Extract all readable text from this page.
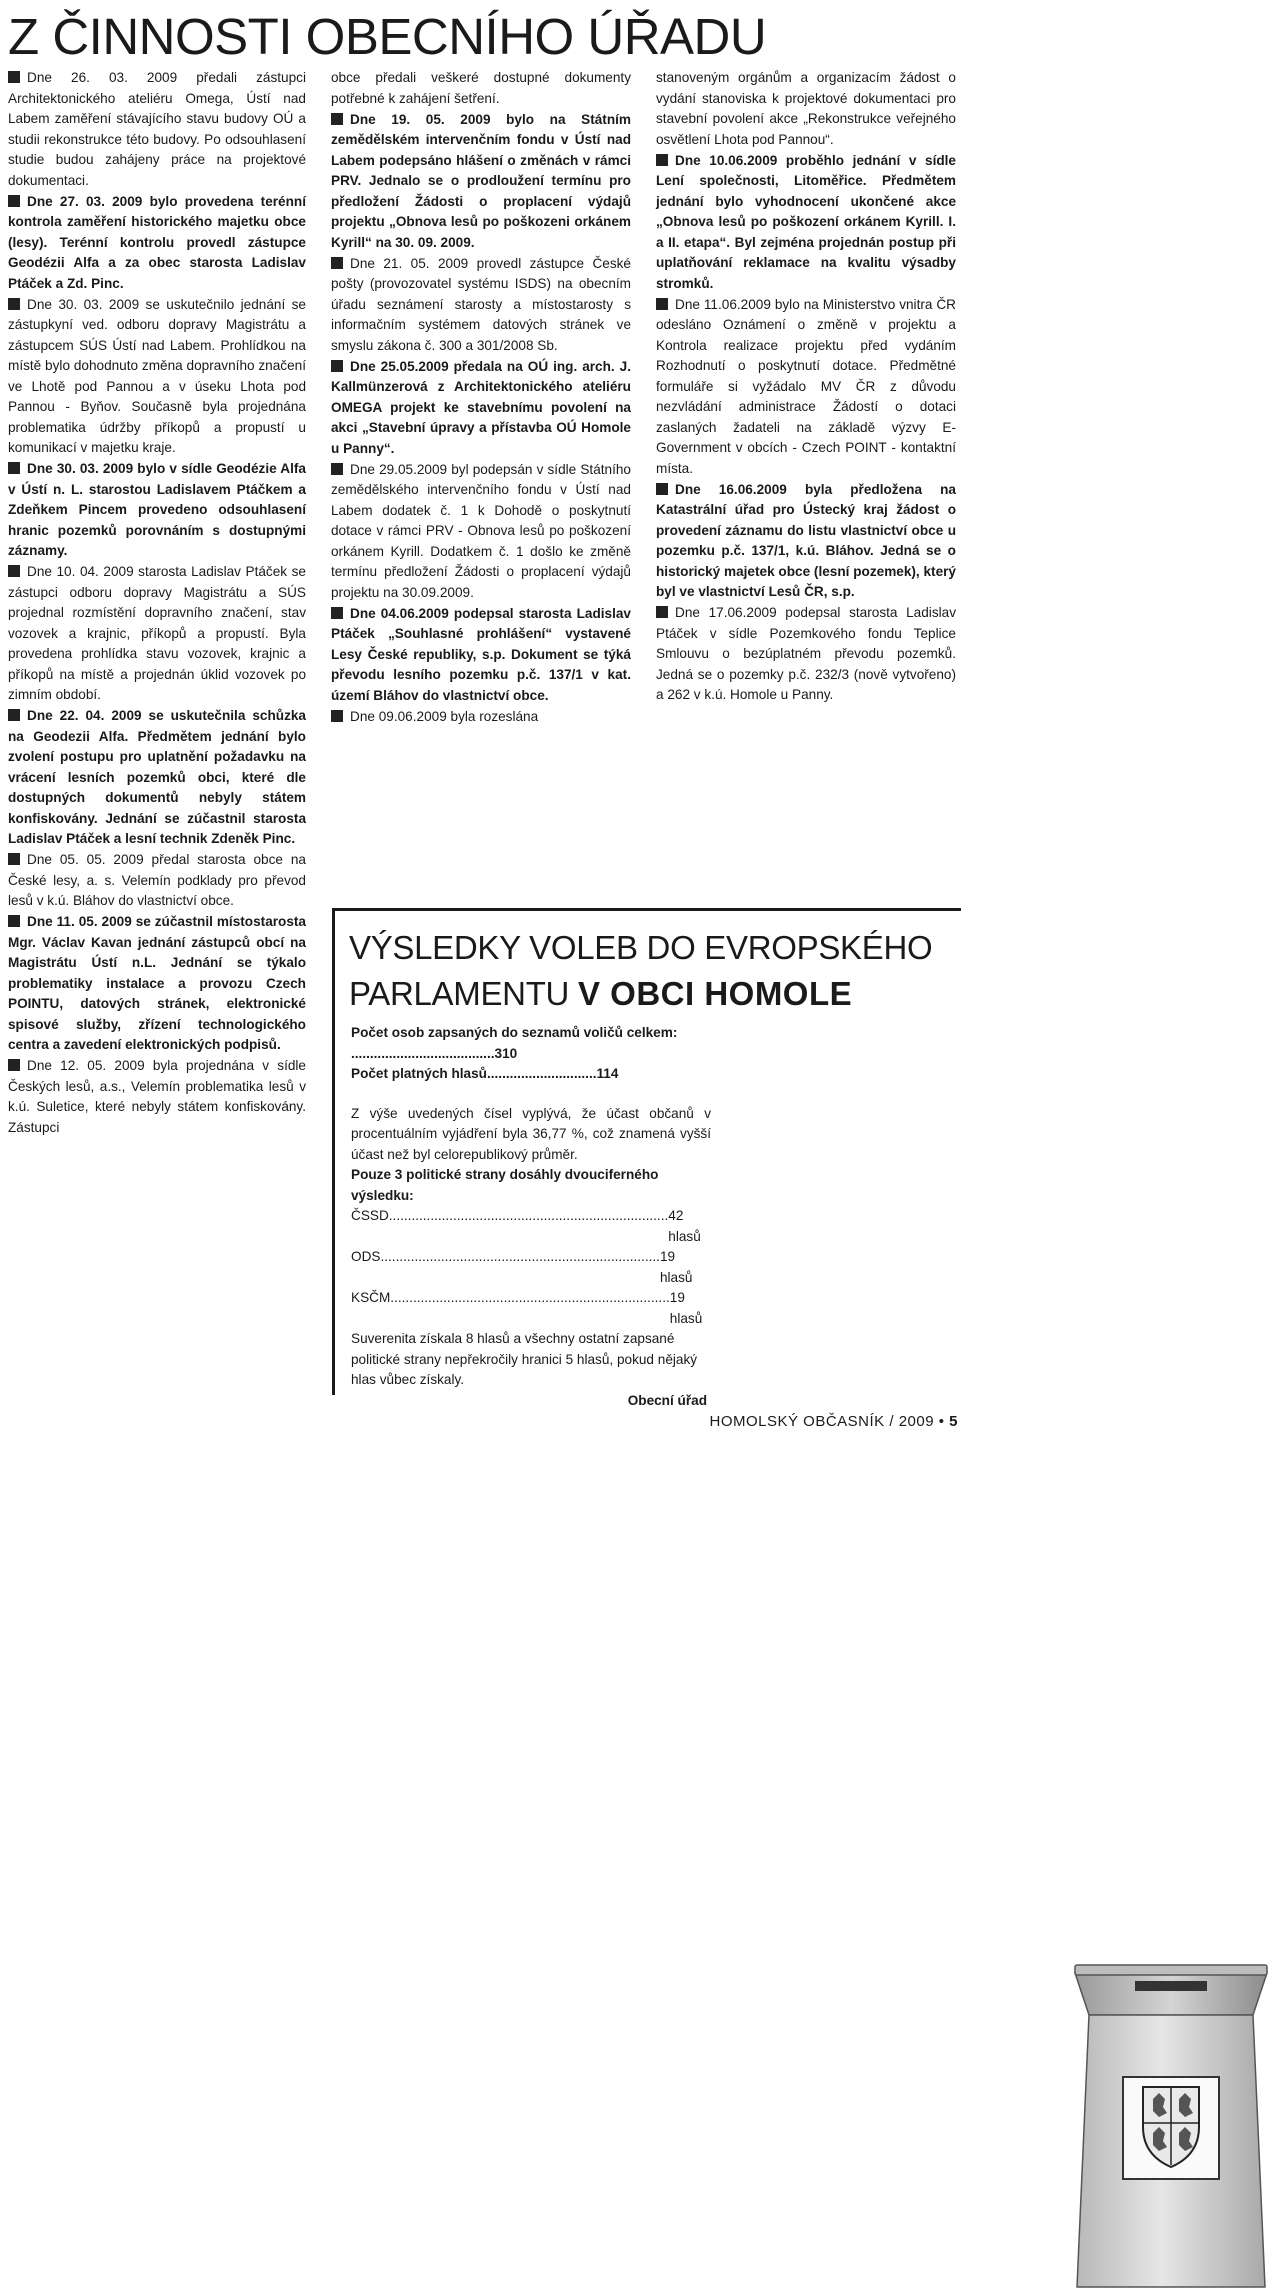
Z ČINNOSTI OBECNÍHO ÚŘADU

Dne 26. 03. 2009 předali zástupci Architektonického ateliéru Omega, Ústí nad Labem zaměření stávajícího stavu budovy OÚ a studii rekonstrukce této budovy. Po odsouhlasení studie budou zahájeny práce na projektové dokumentaci.

Dne 27. 03. 2009 bylo provedena terénní kontrola zaměření historického majetku obce (lesy). Terénní kontrolu provedl zástupce Geodézii Alfa a za obec starosta Ladislav Ptáček a Zd. Pinc.

Dne 30. 03. 2009 se uskutečnilo jednání se zástupkyní ved. odboru dopravy Magistrátu a zástupcem SÚS Ústí nad Labem. Prohlídkou na místě bylo dohodnuto změna dopravního značení ve Lhotě pod Pannou a v úseku Lhota pod Pannou - Byňov. Současně byla projednána problematika údržby příkopů a propustí u komunikací v majetku kraje.

Dne 30. 03. 2009 bylo v sídle Geodézie Alfa v Ústí n. L. starostou Ladislavem Ptáčkem a Zdeňkem Pincem provedeno odsouhlasení hranic pozemků porovnáním s dostupnými záznamy.

Dne 10. 04. 2009 starosta Ladislav Ptáček se zástupci odboru dopravy Magistrátu a SÚS projednal rozmístění dopravního značení, stav vozovek a krajnic, příkopů a propustí. Byla provedena prohlídka stavu vozovek, krajnic a příkopů na místě a projednán úklid vozovek po zimním období.

Dne 22. 04. 2009 se uskutečnila schůzka na Geodezii Alfa. Předmětem jednání bylo zvolení postupu pro uplatnění požadavku na vrácení lesních pozemků obci, které dle dostupných dokumentů nebyly státem konfiskovány. Jednání se zúčastnil starosta Ladislav Ptáček a lesní technik Zdeněk Pinc.

Dne 05. 05. 2009 předal starosta obce na České lesy, a. s. Velemín podklady pro převod lesů v k.ú. Bláhov do vlastnictví obce.

Dne 11. 05. 2009 se zúčastnil místostarosta Mgr. Václav Kavan jednání zástupců obcí na Magistrátu Ústí n.L. Jednání se týkalo problematiky instalace a provozu Czech POINTU, datových stránek, elektronické spisové služby, zřízení technologického centra a zavedení elektronických podpisů.

Dne 12. 05. 2009 byla projednána v sídle Českých lesů, a.s., Velemín problematika lesů v k.ú. Suletice, které nebyly státem konfiskovány. Zástupci

obce předali veškeré dostupné dokumenty potřebné k zahájení šetření.

Dne 19. 05. 2009 bylo na Státním zemědělském intervenčním fondu v Ústí nad Labem podepsáno hlášení o změnách v rámci PRV. Jednalo se o prodloužení termínu pro předložení Žádosti o proplacení výdajů projektu „Obnova lesů po poškozeni orkánem Kyrill“ na 30. 09. 2009.

Dne 21. 05. 2009 provedl zástupce České pošty (provozovatel systému ISDS) na obecním úřadu seznámení starosty a místostarosty s informačním systémem datových stránek ve smyslu zákona č. 300 a 301/2008 Sb.

Dne 25.05.2009 předala na OÚ ing. arch. J. Kallmünzerová z Architektonického ateliéru OMEGA projekt ke stavebnímu povolení na akci „Stavební úpravy a přístavba OÚ Homole u Panny“.

Dne 29.05.2009 byl podepsán v sídle Státního zemědělského intervenčního fondu v Ústí nad Labem dodatek č. 1 k Dohodě o poskytnutí dotace v rámci PRV - Obnova lesů po poškození orkánem Kyrill. Dodatkem č. 1 došlo ke změně termínu předložení Žádosti o proplacení výdajů projektu na 30.09.2009.

Dne 04.06.2009 podepsal starosta Ladislav Ptáček „Souhlasné prohlášení“ vystavené Lesy České republiky, s.p. Dokument se týká převodu lesního pozemku p.č. 137/1 v kat. území Bláhov do vlastnictví obce.

Dne 09.06.2009 byla rozeslána

stanoveným orgánům a organizacím žádost o vydání stanoviska k projektové dokumentaci pro stavební povolení akce „Rekonstrukce veřejného osvětlení Lhota pod Pannou“.

Dne 10.06.2009 proběhlo jednání v sídle Lení společnosti, Litoměřice. Předmětem jednání bylo vyhodnocení ukončené akce „Obnova lesů po poškození orkánem Kyrill. I. a II. etapa“. Byl zejména projednán postup při uplatňování reklamace na kvalitu výsadby stromků.

Dne 11.06.2009 bylo na Ministerstvo vnitra ČR odesláno Oznámení o změně v projektu a Kontrola realizace projektu před vydáním Rozhodnutí o poskytnutí dotace. Předmětné formuláře si vyžádalo MV ČR z důvodu nezvládání administrace Žádostí o dotaci zaslaných žadateli na základě výzvy E-Government v obcích - Czech POINT - kontaktní místa.

Dne 16.06.2009 byla předložena na Katastrální úřad pro Ústecký kraj žádost o provedení záznamu do listu vlastnictví obce u pozemku p.č. 137/1, k.ú. Bláhov. Jedná se o historický majetek obce (lesní pozemek), který byl ve vlastnictví Lesů ČR, s.p.

Dne 17.06.2009 podepsal starosta Ladislav Ptáček v sídle Pozemkového fondu Teplice Smlouvu o bezúplatném převodu pozemků. Jedná se o pozemky p.č. 232/3 (nově vytvořeno) a 262 v k.ú. Homole u Panny.

VÝSLEDKY VOLEB DO EVROPSKÉHO
PARLAMENTU V OBCI HOMOLE

Počet osob zapsaných do seznamů voličů celkem: ......................................310

Počet platných hlasů.............................114

Z výše uvedených čísel vyplývá, že účast občanů v procentuálním vyjádření byla 36,77 %, což znamená vyšší účast než byl celorepublikový průměr.

Pouze 3 politické strany dosáhly dvouciferného výsledku:

ČSSD .......................................................................... 42 hlasů
ODS .......................................................................... 19 hlasů
KSČM .......................................................................... 19 hlasů

Suverenita získala 8 hlasů a všechny ostatní zapsané politické strany nepřekročily hranici 5 hlasů, pokud nějaký hlas vůbec získaly.

Obecní úřad

HOMOLSKÝ OBČASNÍK / 2009 • 5
